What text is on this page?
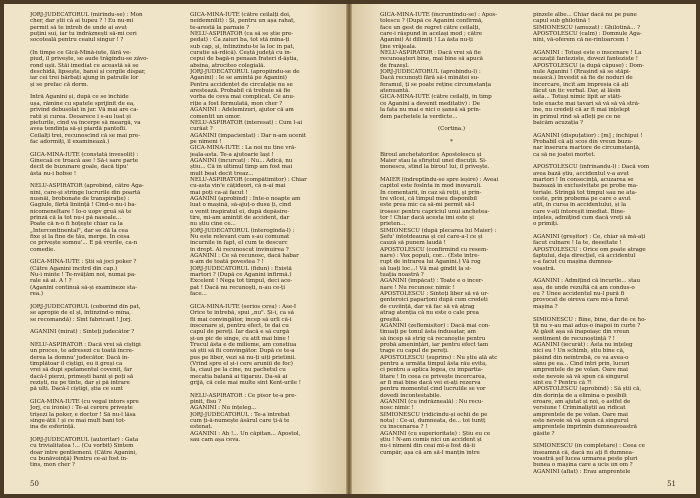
JORJ-JUDECĂTORUL (mirîndu-se) : Mon
cher, dar știi că ai tupeu ? ! Eu nu-mi
permit să te întreb de unde ai avut
puțini sui, iar tu îndrăznești să-mi ceri
socoteală pentru ceaiul singur ! ?

(În timpe ce Gică-Mînă-iute, fără ve-
piud, îl privește, se aude trăgîndu-se zăvo-
rond ușii. Stăi imediat ce această să se
deschidă, lipsește, bansi și cergile dispar,
iar cei trei bărbați ajung în patruile lor
și se prefac că dorm.

Intră Aganini și, după ce se închide
ușa, rămîne cu spatele sprijinit de ea,
privind debusolat în jur. Vă mai are ca-
ratii și curea. Deoarece î s-au luat și
pieturile, cînd va încerpe să meargă, va
avea tendința să-și piardă pantofii.
Ceilalți trei, recunoscînd că se mai pre-
fac adormiți, îl examinează.)

GICĂ-MÎNĂ-IUTE (constată învesolit) :
Ginecaă ce troacă ase ! Să-i sare parte
decît de buzunare goale, dacă tipu'
ăsta nu-i bobse !

NELU-ASPIRATOR (aprobînd, către Aga-
nini, care-și strînge lucrurile din poartă
nusnăi, brobonate de transpirație) :
Gagiule, fărtă liniință ! Cînd-o nu-i ba-
nicomeneltare ! Io-o uopv gruă să te
prinză că la tot nu-i pă nasoale...
Poate că n-o fi hoțește chiar ca la
„Intercontinental", dar se dă la cea
fixe și la fine de tău, merge. În cesa
ce privește somnu'... E pă vrerile, ca-n
comedie.

GICĂ-MÎNĂ-IUTE : Știi să joci poker ?
(Către Aganini încîtrd din cap.)
Nu-i minte ! Te-nvățăm noi, numai pa-
rale să ai. A ! ?
(Aganini continuă să-și examineze sta-
rea.)

JORJ-JUDECĂTORUL (coborînd din pat,
se apropie de el și, întinzînd-o mîna,
se recomandă) : Sînt fabricant ! Jorj.

AGANINI (mirat) : Sînteți judecător ?

NELU-ASPIRATOR : Dacă vrei să cîștigi
un proces, te adresezi cu toată încre-
derea la domnu' judecător. Dacă în-
tîmplătoar îl cîștigi, eu îi greși ca
vrei să dupi spelamentul covenit, far
dacă-l pierzi, primești banii și poți să
reziști, nu pe tinte, dar și pă intrare
pă ulti. Dacă-l cîștigi, știa ce sunt

GICĂ-MÎNĂ-IUTE (cu vegal întors spre
Jorj, cu ironie) : Te-ai cerere privește
trișezi la poker, e doctor ! Să nu-l lăsa
singe-ătii ! și ce mai mult bani tot-
ina de esferință.

JORJ-JUDECĂTORUL (autoritar) : Gata
cu trivialitatea !... (Cu vorbit) Sîntem
doar între gentlemeni. (Către Aganini,
cu bunăvoință) Pentru ce-ai fost în-
tins, mon cher ?

GICĂ-MÎNĂ-IUTE (către ceilalți doi,
neîdemnilit) : Și, pentru un așa rahat,
te-arestă la parnaie ?
NELU-ASPIRATOR (ca să se știe pre-
pedat) : Ca zaiuri ba, tot stă mîna-ți
sub cap, și, întinzîndu-te la loc în pat,
curatie să-rdică). Ceștă județă cu în-
cepui de bagă-n penaan frateri d-ăștia,
absina, atrociteo colegială.
JORJ-JUDECĂTORUL (apropiindu-se de
Aganini) : Ie se amintă pe Aganini)
Pentru accidentet de circulație nu se
arestează. Probabil că trebuie să fie
vorba de ceva mai complicat. Ce anu-
riție a fost formulată, mon cher ?
AGANINI : Adelemizuri, ajutor că am
comentit un omor.
NELU-ASPIRATOR (interesat) : Cum l-ai
curăat ?
AGANINI (impacientat) : Dar n-am ucenit
pe nimeni !
GICĂ-MÎNĂ-IUTE : La noi nu tine vră-
jeala-asta. Te-a ajutoarie lași !
AGANINI (încurcat) : Nu... Adică, nu
știu... Că în ultimul timp am fost mai
mult beat decît treaz...
NELU-ASPIRATOR (compătimitor) : Chiar
cu-asta vin'e câțideori, că n-ai mai
mai poți ca-ai facut !
AGANINI (aprobînd) : Inte-o noapte am
luat o mașină, să-ajuț-o dusu ți, cînd
o venit inspiratul ei, după depăsire-
tire, mi-am amintit de accident, dar
nu știu cine ce...
JORJ-JUDECĂTORUL (interogînda-l) :
Nu este relevant cum s-au comunat
încurnile în fapt, el cum te descurc
în drept. Ai recunoscut învinuirea ?
AGANINI : Ce să recunosc, dacă habar
n-am de toată povestea ? !
JORJ-JUDECĂTORUL (fidun) : Există
martori ? (După ce Aganini infirmă.)
Excelent ! Nega tot timpul, deci ace-
pat ! Dacă nu recunoști, n-au ce-ți
face...

GICĂ-MÎNĂ-IUTE (serios ceva) : Ase-I
Orice te întrebă, spui „nu". Și-i, ca să
fii mai convingător, încep să urli că-i
înscenare și, pentru efect, te dai cu
capul de pereți. Iar dacă e să curgă
și-un pic de sînge, cu atît mai bine !
Trucul ăsta e de mîlieme, am constiua
să știi să fii convingător. După ce te-a
pus pe liber, vezi să nu-ți uiți prietinii.
(Vrînd spre el și-i cere aruniîi de foc)
Ia, ciaul pe la cine, nu pachetul cu
mecatia balană ai tigaruu. Da-să ai
grijă, că cele mai multe sînt Kent-urile !

NELU-ASPIRATOR : Ce pîsor te-a pre-
pinit, fisu ?
AGANINI : Nu înțeleg...
JORJ-JUDECĂTORUL : Te-a întrebat
cum ți-ă-numește ăsărul care ți-ă te
estenat.
AGANINI : Ah !... Un căpitan... Apostol,
sau cam așa ceva.
50
GICĂ-MÎNĂ-IUTE (încruntîndu-se) : Apos-
tolescu ? (După ce Aganini confirmă,
face un gest de regret către ceilalți,
care-i răspund în același mod ; către
Aganini) Ai dilimiți ! La ăsta nu-ți
ține vrăjeala.
NELU-ASPIRATOR : Dacă vrei să fie
recunoașteri bine, mai bine să apucă
de frazeșl.
JORJ-JUDECĂTORUL (aprobîndu-l) :
Dacă recunoști fără să-i mînătei su-
feramul, ți se poate reține circumstanța
atenuantă.
GICĂ-MÎNĂ-IUTE (către ceilalți, în timp
ce Aganini a devenit meditativ) : De
la fata nu mai e nici o șansă să prin-
dem pachetele la verdicte...

(Cortina.)

*

Biroul anchetatorilor. Apostolescu și
Maier stau la sfîrșitul unei discuții. Si-
monescu, stînd la birou! lui, îl privește.

MAIER (îndreptîndu-se spre ieșire) : Aveai
capitol este foslnta în mod inovaruli.
În comentarii, în caz să reții, și prin-
tre vîlcei, că timpul meu disponibil
este prea mic ca să-mi permit să-l
irosesc pentru capriciul unui anchetea-
tor ! Chiar dacă acesta îmi este și
prieten...
SIMIONESCU (după plecarea lui Maier) :
Șefu' întotdeauna și cel care-a-l ce și
cauză să punem laudă !
APOSTOLESCU (confirmind cu resem-
nare) : Vox populi, cor... (Este între-
rupt de intrarea lui Aganini.) Vă rog
să luați loc...! Vă mai gîndit la si-
tuația noastră ?
AGANINI (împăcat) : Toate e o încer-
nare ! Nu recunosc nimic !
APOSTOLESCU : Sînteți liber să vă ur-
genteroici paparțoni după cum credeti
de cuviință, dar vă fac să vă ațrag
atrag atenția că nu este o cale prea
greșită.
AGANINI (zeflemisitor) : Dacă mai con-
tinuați pe tonul ăsta îndusatar, am
să încep să strig că recunoștie pentru
probă amenințări, iar pentru efect tam
trage cu capul de pereți.
APOSTOLESCU (suprins) : Nu știu ală atc
pentru a următa timpul ăsta rău evita,
ci pentru a aplica legea, cu impartia-
litare ! În ceea ce privește încercarea,
ar fi mai bine dacă vei ei-ați rezerva
pentru momentul cînd lucruiile se vor
dovedi incontestabile.
AGANINI (cu îndrăzneală) : Nu recu-
nosc nimic !
SIMIONESCU (ridicîndu-și ochii de pe
nota) : Ce-ai, dumneata, de... toi tuntț
cu înscenarea ? !
AGANINI (cu superioritate) : Știu eu ce
știu ! N-am comis nici un accident și
nu-i nimeni din ceai mi-a fost dă-ii
cumpăr, așa că am să-l manțin între
pînzele albe... Chiar dacă nu pe pune
capul sub ghilotină !
SIMIONESCU (amuzat) : Ghilotină... ?
APOSTOLESCU (calm) : Domnule Aga-
nini, vă-oferem că ne-rîntoarcem !

AGANINI : Totuși este o înscenare ! La
acuzații fanteziste, dovezi fanteziste !
APOSTOLESCU (a după căpuse) : Dom-
nule Aganini ! (Rrașind să se stăpî-
nească.) Investit să fie de noduri de
încercare, încît am impresia că ați
făcut un tic verbal. Dar, ai lăsîn
asta... Totuși nimic lipit ar stăti-
tele exacte mai tavari să vă să vă stră-
ine, nu credeți că ar fi mai înțelept
în primul rînd să afleți pe ce ne
baicăm acuzația ?

AGANINI (dispuțatior) : [m] ; închipui !
Probabil că ați scos din vreun buzu-
nar inserura martore de circumstanță,
ca să ne joatei mortet.

APOSTOLESCU (înfrinandu-l) : Dacă vom
avea bază știu, accidentul v-a avut
martori ! În consecință, acuzarea se
bazează în exclusivitate pe probe ma-
teriale. Stringă tot timpul sau ne ata-
ceste, prin probema pe care o avut
atît, în cursa în accidentului, și la
care v-ați întoreșit imediat. Bine-
ințeles, admițind cum dacă vreți să
o primiți.

AGANINI (greșitor) : Ce, chiar să mă-ați
facut culnare ! Ia te, deeeîtate !
APOSTOLESCU : Orice om poate atrage
faptului, deja direcțiel, că accidentul
s-a facut cu mașina dumnea-
voastră.

AGANINI : Admițînd că încurile... stau
așa, de unde rezultă că am condus-o
eu ? Unee accidentul nu-l pură fi
provocat de oireva care mi-a furat
mașina ?

SIMIONESCU : Bine, bine, dar de ce ho-
ții nu v-au mai adus-o înapoi în curte ?
Ai găsit așa să înapoiașc din vreun
sentiment de recunoștință ? !
AGANINI (iecurât) : Asta nu înțeleg
nici eu ! Un schimb, știu bine că,
păsînd din neîntrebă, ce va avea-o
sănu pe ea... Cînd intri prin, lucuri
amprentele de pe volan. Oare mai
este nevoie să vă spun că singurul
sînt eu ? Pentru că ?!
APOSTOLESCU (aprobînd) : Să știi că,
din dorința de a elimina o posibili
eroare, am ajutat și noi, o astfel de
versiune ! Criminaliștii au ridicat
amprentele de pe volan. Oare mai
este nevoie să vă spun că singurul
amprentele împrimîn dumneavoastră
găsite ?

SIMIONESCU (în completare) : Ceea ce
înseamnă că, dacă nu ați fi dumnea-
voastră șef lucea urmarea peste pluri
bunea o mașina care a ucis un om ?
AGANINI (afiat) : Erau amprentele
51
